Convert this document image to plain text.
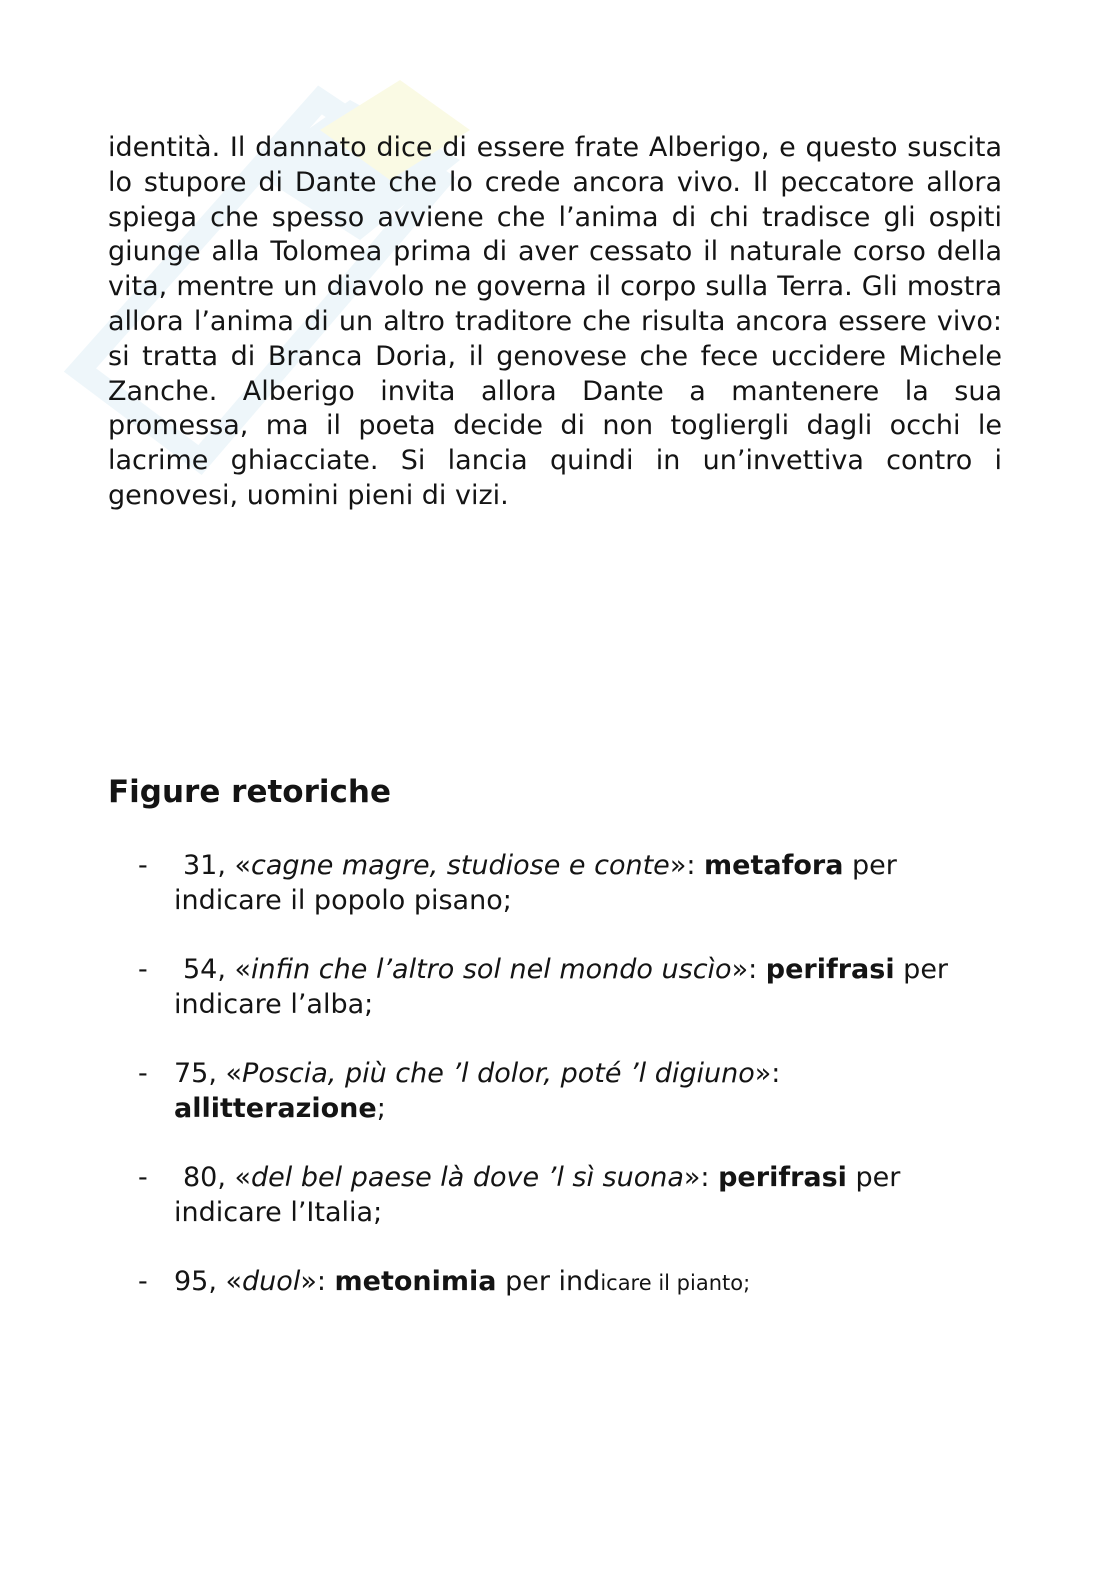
identità. Il dannato dice di essere frate Alberigo, e questo suscita lo stupore di Dante che lo crede ancora vivo. Il peccatore allora spiega che spesso avviene che l’anima di chi tradisce gli ospiti giunge alla Tolomea prima di aver cessato il naturale corso della vita, mentre un diavolo ne governa il corpo sulla Terra. Gli mostra allora l’anima di un altro traditore che risulta ancora essere vivo: si tratta di Branca Doria, il genovese che fece uccidere Michele Zanche. Alberigo invita allora Dante a mantenere la sua promessa, ma il poeta decide di non togliergli dagli occhi le lacrime ghiacciate. Si lancia quindi in un’invettiva contro i genovesi, uomini pieni di vizi.

Figure retoriche
- 31, «cagne magre, studiose e conte»: metafora per indicare il popolo pisano;
- 54, «infin che l’altro sol nel mondo uscìo»: perifrasi per indicare l’alba;
- 75, «Poscia, più che ’l dolor, poté ’l digiuno»: allitterazione;
- 80, «del bel paese là dove ’l sì suona»: perifrasi per indicare l’Italia;
- 95, «duol»: metonimia per indicare il pianto;
